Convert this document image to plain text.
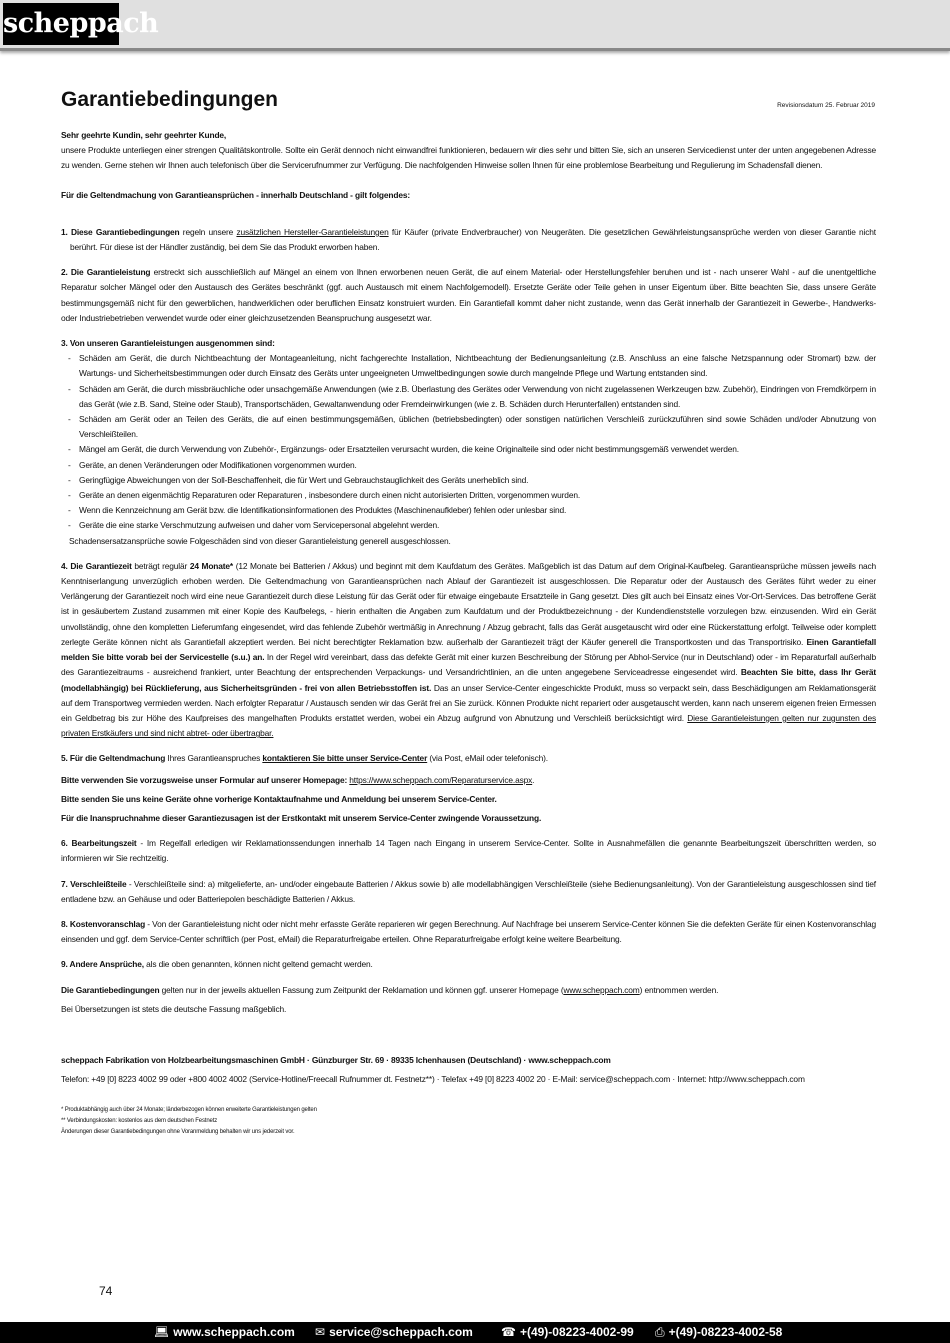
scheppach
Garantiebedingungen	Revisionsdatum 25. Februar 2019

Sehr geehrte Kundin, sehr geehrter Kunde,
unsere Produkte unterliegen einer strengen Qualitätskontrolle. Sollte ein Gerät dennoch nicht einwandfrei funktionieren, bedauern wir dies sehr und bitten Sie, sich an unseren Servicedienst unter der unten angegebenen Adresse zu wenden. Gerne stehen wir Ihnen auch telefonisch über die Servicerufnummer zur Verfügung. Die nachfolgenden Hinweise sollen Ihnen für eine problemlose Bearbeitung und Regulierung im Schadensfall dienen.

Für die Geltendmachung von Garantieansprüchen - innerhalb Deutschland - gilt folgendes:

1. Diese Garantiebedingungen regeln unsere zusätzlichen Hersteller-Garantieleistungen für Käufer (private Endverbraucher) von Neugeräten. Die gesetzlichen Gewährleistungsansprüche werden von dieser Garantie nicht berührt. Für diese ist der Händler zuständig, bei dem Sie das Produkt erworben haben.

2. Die Garantieleistung erstreckt sich ausschließlich auf Mängel an einem von Ihnen erworbenen neuen Gerät, die auf einem Material- oder Herstellungsfehler beruhen und ist - nach unserer Wahl - auf die unentgeltliche Reparatur solcher Mängel oder den Austausch des Gerätes beschränkt (ggf. auch Austausch mit einem Nachfolgemodell). Ersetzte Geräte oder Teile gehen in unser Eigentum über. Bitte beachten Sie, dass unsere Geräte bestimmungsgemäß nicht für den gewerblichen, handwerklichen oder beruflichen Einsatz konstruiert wurden. Ein Garantiefall kommt daher nicht zustande, wenn das Gerät innerhalb der Garantiezeit in Gewerbe-, Handwerks- oder Industriebetrieben verwendet wurde oder einer gleichzusetzenden Beanspruchung ausgesetzt war.

3. Von unseren Garantieleistungen ausgenommen sind:
- Schäden am Gerät, die durch Nichtbeachtung der Montageanleitung, nicht fachgerechte Installation, Nichtbeachtung der Bedienungsanleitung (z.B. Anschluss an eine falsche Netzspannung oder Stromart) bzw. der Wartungs- und Sicherheitsbestimmungen oder durch Einsatz des Geräts unter ungeeigneten Umweltbedingungen sowie durch mangelnde Pflege und Wartung entstanden sind.
- Schäden am Gerät, die durch missbräuchliche oder unsachgemäße Anwendungen (wie z.B. Überlastung des Gerätes oder Verwendung von nicht zugelassenen Werkzeugen bzw. Zubehör), Eindringen von Fremdkörpern in das Gerät (wie z.B. Sand, Steine oder Staub), Transportschäden, Gewaltanwendung oder Fremdeinwirkungen (wie z. B. Schäden durch Herunterfallen) entstanden sind.
- Schäden am Gerät oder an Teilen des Geräts, die auf einen bestimmungsgemäßen, üblichen (betriebsbedingten) oder sonstigen natürlichen Verschleiß zurückzuführen sind sowie Schäden und/oder Abnutzung von Verschleißteilen.
- Mängel am Gerät, die durch Verwendung von Zubehör-, Ergänzungs- oder Ersatzteilen verursacht wurden, die keine Originalteile sind oder nicht bestimmungsgemäß verwendet werden.
- Geräte, an denen Veränderungen oder Modifikationen vorgenommen wurden.
- Geringfügige Abweichungen von der Soll-Beschaffenheit, die für Wert und Gebrauchstauglichkeit des Geräts unerheblich sind.
- Geräte an denen eigenmächtig Reparaturen oder Reparaturen , insbesondere durch einen nicht autorisierten Dritten, vorgenommen wurden.
- Wenn die Kennzeichnung am Gerät bzw. die Identifikationsinformationen des Produktes (Maschinenaufkleber) fehlen oder unlesbar sind.
- Geräte die eine starke Verschmutzung aufweisen und daher vom Servicepersonal abgelehnt werden.
Schadensersatzansprüche sowie Folgeschäden sind von dieser Garantieleistung generell ausgeschlossen.

4. Die Garantiezeit beträgt regulär 24 Monate* (12 Monate bei Batterien / Akkus) und beginnt mit dem Kaufdatum des Gerätes. Maßgeblich ist das Datum auf dem Original-Kaufbeleg. Garantieansprüche müssen jeweils nach Kenntniserlangung unverzüglich erhoben werden. Die Geltendmachung von Garantieansprüchen nach Ablauf der Garantiezeit ist ausgeschlossen. Die Reparatur oder der Austausch des Gerätes führt weder zu einer Verlängerung der Garantiezeit noch wird eine neue Garantiezeit durch diese Leistung für das Gerät oder für etwaige eingebaute Ersatzteile in Gang gesetzt. Dies gilt auch bei Einsatz eines Vor-Ort-Services. Das betroffene Gerät ist in gesäubertem Zustand zusammen mit einer Kopie des Kaufbelegs, - hierin enthalten die Angaben zum Kaufdatum und der Produktbezeichnung - der Kundendienststelle vorzulegen bzw. einzusenden. Wird ein Gerät unvollständig, ohne den kompletten Lieferumfang eingesendet, wird das fehlende Zubehör wertmäßig in Anrechnung / Abzug gebracht, falls das Gerät ausgetauscht wird oder eine Rückerstattung erfolgt. Teilweise oder komplett zerlegte Geräte können nicht als Garantiefall akzeptiert werden. Bei nicht berechtigter Reklamation bzw. außerhalb der Garantiezeit trägt der Käufer generell die Transportkosten und das Transportrisiko. Einen Garantiefall melden Sie bitte vorab bei der Servicestelle (s.u.) an. In der Regel wird vereinbart, dass das defekte Gerät mit einer kurzen Beschreibung der Störung per Abhol-Service (nur in Deutschland) oder - im Reparaturfall außerhalb des Garantiezeitraums - ausreichend frankiert, unter Beachtung der entsprechenden Verpackungs- und Versandrichtlinien, an die unten angegebene Serviceadresse eingesendet wird. Beachten Sie bitte, dass Ihr Gerät (modellabhängig) bei Rücklieferung, aus Sicherheitsgründen - frei von allen Betriebsstoffen ist. Das an unser Service-Center eingeschickte Produkt, muss so verpackt sein, dass Beschädigungen am Reklamationsgerät auf dem Transportweg vermieden werden. Nach erfolgter Reparatur / Austausch senden wir das Gerät frei an Sie zurück. Können Produkte nicht repariert oder ausgetauscht werden, kann nach unserem eigenen freien Ermessen ein Geldbetrag bis zur Höhe des Kaufpreises des mangelhaften Produkts erstattet werden, wobei ein Abzug aufgrund von Abnutzung und Verschleiß berücksichtigt wird. Diese Garantieleistungen gelten nur zugunsten des privaten Erstkäufers und sind nicht abtret- oder übertragbar.

5. Für die Geltendmachung Ihres Garantieanspruches kontaktieren Sie bitte unser Service-Center (via Post, eMail oder telefonisch).

Bitte verwenden Sie vorzugsweise unser Formular auf unserer Homepage: https://www.scheppach.com/Reparaturservice.aspx.

Bitte senden Sie uns keine Geräte ohne vorherige Kontaktaufnahme und Anmeldung bei unserem Service-Center.

Für die Inanspruchnahme dieser Garantiezusagen ist der Erstkontakt mit unserem Service-Center zwingende Voraussetzung.

6. Bearbeitungszeit - Im Regelfall erledigen wir Reklamationssendungen innerhalb 14 Tagen nach Eingang in unserem Service-Center. Sollte in Ausnahmefällen die genannte Bearbeitungszeit überschritten werden, so informieren wir Sie rechtzeitig.

7. Verschleißteile - Verschleißteile sind: a) mitgelieferte, an- und/oder eingebaute Batterien / Akkus sowie b) alle modellabhängigen Verschleißteile (siehe Bedienungsanleitung). Von der Garantieleistung ausgeschlossen sind tief entladene bzw. an Gehäuse und oder Batteriepolen beschädigte Batterien / Akkus.

8. Kostenvoranschlag - Von der Garantieleistung nicht oder nicht mehr erfasste Geräte reparieren wir gegen Berechnung. Auf Nachfrage bei unserem Service-Center können Sie die defekten Geräte für einen Kostenvoranschlag einsenden und ggf. dem Service-Center schriftlich (per Post, eMail) die Reparaturfreigabe erteilen. Ohne Reparaturfreigabe erfolgt keine weitere Bearbeitung.

9. Andere Ansprüche, als die oben genannten, können nicht geltend gemacht werden.

Die Garantiebedingungen gelten nur in der jeweils aktuellen Fassung zum Zeitpunkt der Reklamation und können ggf. unserer Homepage (www.scheppach.com) entnommen werden.

Bei Übersetzungen ist stets die deutsche Fassung maßgeblich.

scheppach Fabrikation von Holzbearbeitungsmaschinen GmbH · Günzburger Str. 69 · 89335 Ichenhausen (Deutschland) · www.scheppach.com

Telefon: +49 [0] 8223 4002 99 oder +800 4002 4002 (Service-Hotline/Freecall Rufnummer dt. Festnetz**) · Telefax +49 [0] 8223 4002 20 · E-Mail: service@scheppach.com · Internet: http://www.scheppach.com

* Produktabhängig auch über 24 Monate; länderbezogen können erweiterte Garantieleistungen gelten
** Verbindungskosten: kostenlos aus dem deutschen Festnetz
Änderungen dieser Garantiebedingungen ohne Voranmeldung behalten wir uns jederzeit vor.
74
💻︎ www.scheppach.com ✉ service@scheppach.com ☎ +(49)-08223-4002-99 ⎙ +(49)-08223-4002-58
